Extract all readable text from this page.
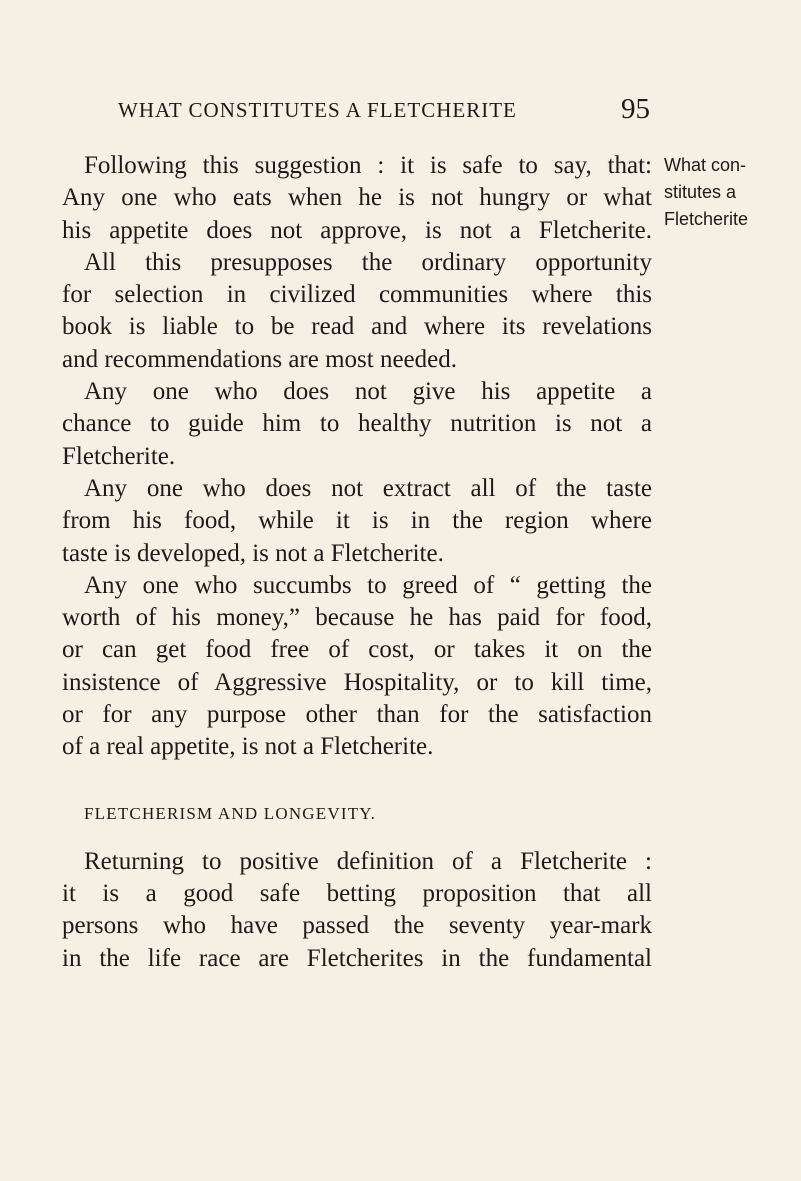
WHAT CONSTITUTES A FLETCHERITE	95
What con-
stitutes a
Fletcherite
Following this suggestion : it is safe to say, that:
Any one who eats when he is not hungry or what
his appetite does not approve, is not a Fletcherite.
All this presupposes the ordinary opportunity
for selection in civilized communities where this
book is liable to be read and where its revelations
and recommendations are most needed.
Any one who does not give his appetite a
chance to guide him to healthy nutrition is not a
Fletcherite.
Any one who does not extract all of the taste
from his food, while it is in the region where
taste is developed, is not a Fletcherite.
Any one who succumbs to greed of “ getting the
worth of his money,” because he has paid for food,
or can get food free of cost, or takes it on the
insistence of Aggressive Hospitality, or to kill time,
or for any purpose other than for the satisfaction
of a real appetite, is not a Fletcherite.
FLETCHERISM AND LONGEVITY.
Returning to positive definition of a Fletcherite :
it is a good safe betting proposition that all
persons who have passed the seventy year-mark
in the life race are Fletcherites in the fundamental
